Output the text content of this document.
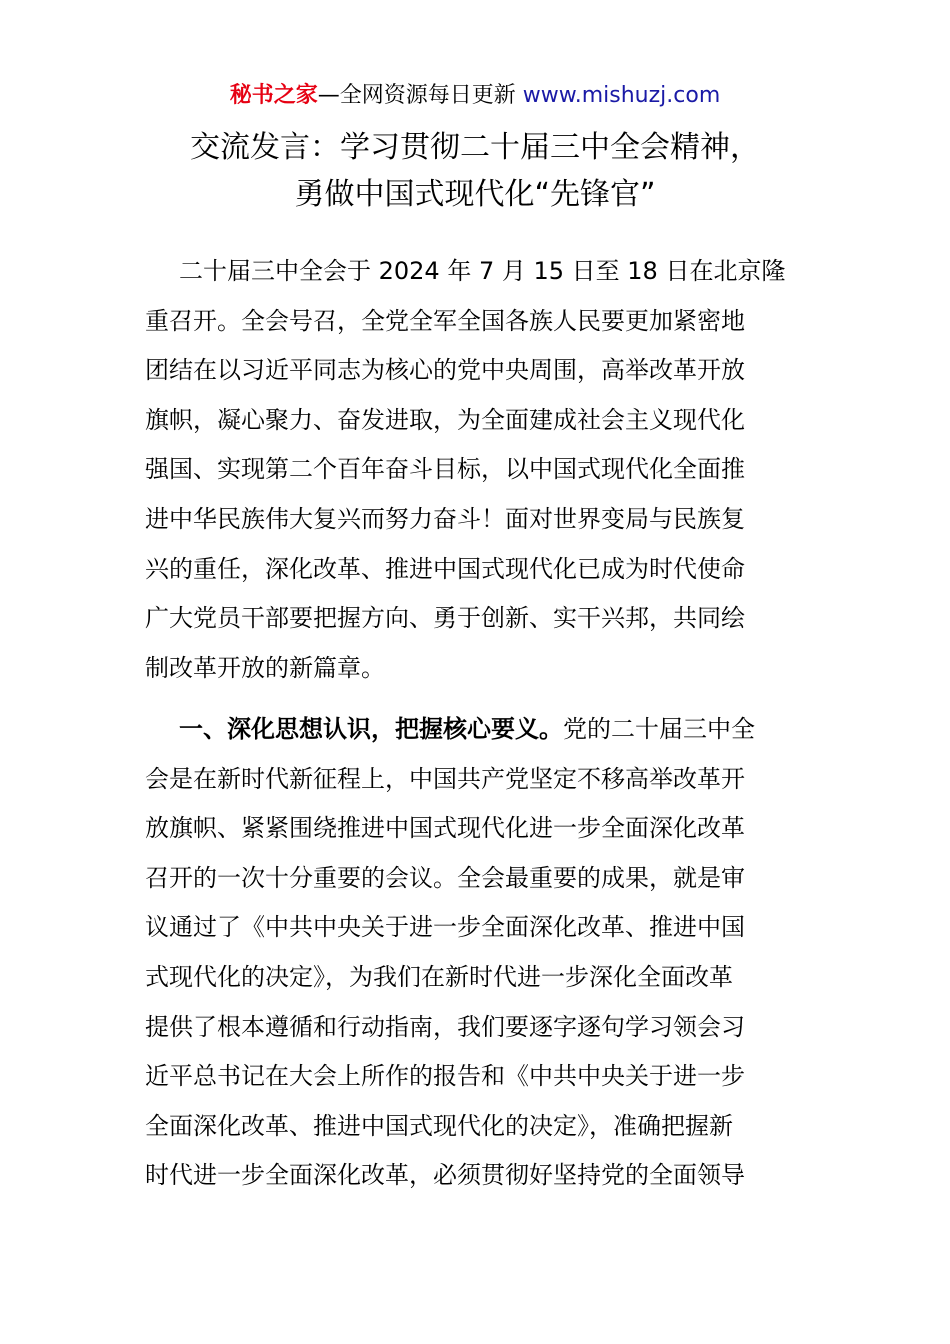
秘书之家—全网资源每日更新 www.mishuzj.com
交流发言：学习贯彻二十届三中全会精神，
勇做中国式现代化“先锋官”

二十届三中全会于 2024 年 7 月 15 日至 18 日在北京隆
重召开。全会号召，全党全军全国各族人民要更加紧密地
团结在以习近平同志为核心的党中央周围，高举改革开放
旗帜，凝心聚力、奋发进取，为全面建成社会主义现代化
强国、实现第二个百年奋斗目标，以中国式现代化全面推
进中华民族伟大复兴而努力奋斗！面对世界变局与民族复
兴的重任，深化改革、推进中国式现代化已成为时代使命
广大党员干部要把握方向、勇于创新、实干兴邦，共同绘
制改革开放的新篇章。

一、深化思想认识，把握核心要义。党的二十届三中全
会是在新时代新征程上，中国共产党坚定不移高举改革开
放旗帜、紧紧围绕推进中国式现代化进一步全面深化改革
召开的一次十分重要的会议。全会最重要的成果，就是审
议通过了《中共中央关于进一步全面深化改革、推进中国
式现代化的决定》，为我们在新时代进一步深化全面改革
提供了根本遵循和行动指南，我们要逐字逐句学习领会习
近平总书记在大会上所作的报告和《中共中央关于进一步
全面深化改革、推进中国式现代化的决定》，准确把握新
时代进一步全面深化改革，必须贯彻好坚持党的全面领导
